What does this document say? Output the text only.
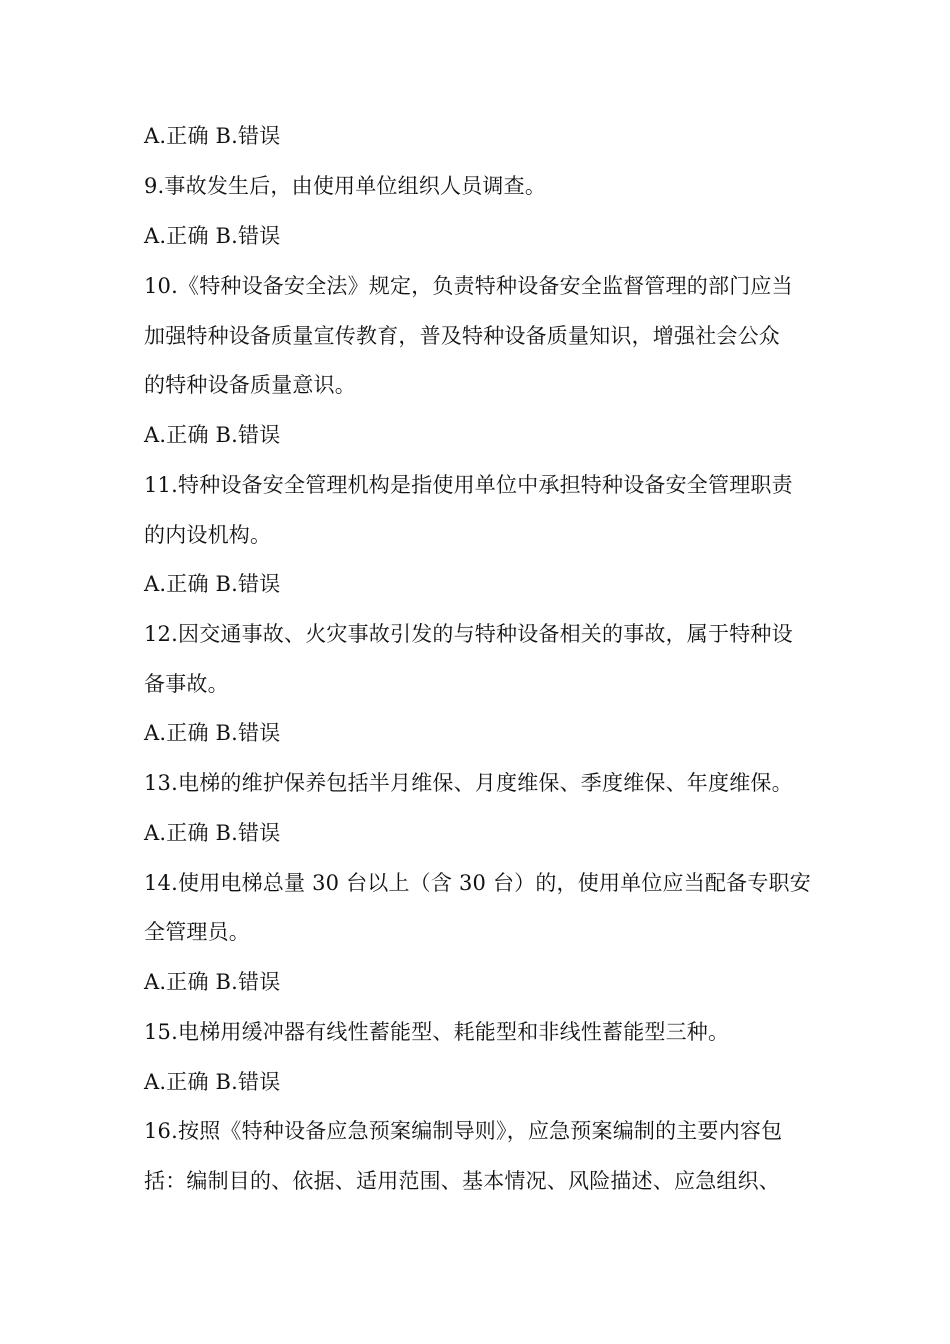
A.正确 B.错误
9.事故发生后，由使用单位组织人员调查。
A.正确 B.错误
10.《特种设备安全法》规定，负责特种设备安全监督管理的部门应当
加强特种设备质量宣传教育，普及特种设备质量知识，增强社会公众
的特种设备质量意识。
A.正确 B.错误
11.特种设备安全管理机构是指使用单位中承担特种设备安全管理职责
的内设机构。
A.正确 B.错误
12.因交通事故、火灾事故引发的与特种设备相关的事故，属于特种设
备事故。
A.正确 B.错误
13.电梯的维护保养包括半月维保、月度维保、季度维保、年度维保。
A.正确 B.错误
14.使用电梯总量 30 台以上（含 30 台）的，使用单位应当配备专职安
全管理员。
A.正确 B.错误
15.电梯用缓冲器有线性蓄能型、耗能型和非线性蓄能型三种。
A.正确 B.错误
16.按照《特种设备应急预案编制导则》，应急预案编制的主要内容包
括：编制目的、依据、适用范围、基本情况、风险描述、应急组织、
